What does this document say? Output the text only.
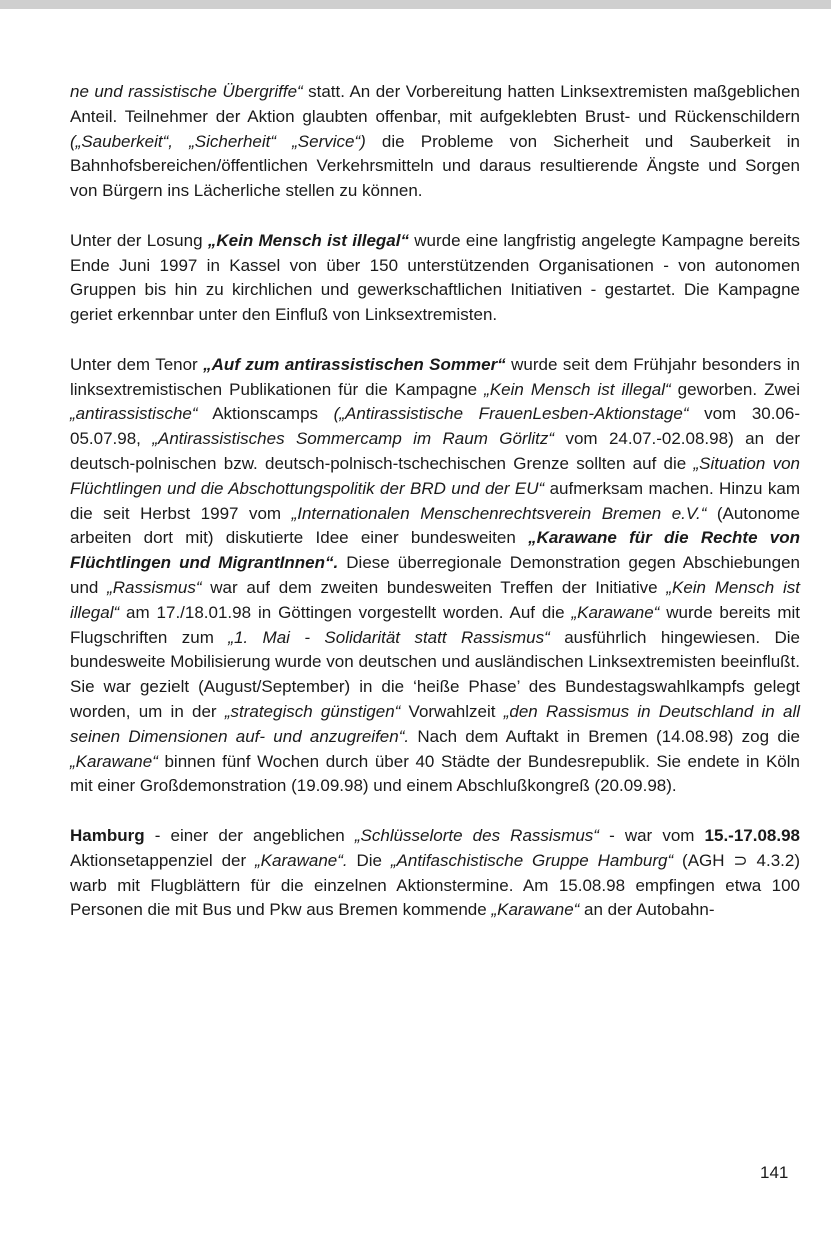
ne und rassistische Übergriffe“ statt. An der Vorbereitung hatten Linksextremisten maßgeblichen Anteil. Teilnehmer der Aktion glaubten offenbar, mit aufgeklebten Brust- und Rückenschildern („Sauberkeit“, „Sicherheit“ „Service“) die Probleme von Sicherheit und Sauberkeit in Bahnhofsbereichen/öffentlichen Verkehrsmitteln und daraus resultierende Ängste und Sorgen von Bürgern ins Lächerliche stellen zu können.

Unter der Losung „Kein Mensch ist illegal“ wurde eine langfristig angelegte Kampagne bereits Ende Juni 1997 in Kassel von über 150 unterstützenden Organisationen - von autonomen Gruppen bis hin zu kirchlichen und gewerkschaftlichen Initiativen - gestartet. Die Kampagne geriet erkennbar unter den Einfluß von Linksextremisten.

Unter dem Tenor „Auf zum antirassistischen Sommer“ wurde seit dem Frühjahr besonders in linksextremistischen Publikationen für die Kampagne „Kein Mensch ist illegal“ geworben. Zwei „antirassistische“ Aktionscamps („Antirassistische FrauenLesben-Aktionstage“ vom 30.06-05.07.98, „Antirassistisches Sommercamp im Raum Görlitz“ vom 24.07.-02.08.98) an der deutsch-polnischen bzw. deutsch-polnisch-tschechischen Grenze sollten auf die „Situation von Flüchtlingen und die Abschottungspolitik der BRD und der EU“ aufmerksam machen. Hinzu kam die seit Herbst 1997 vom „Internationalen Menschenrechtsverein Bremen e.V.“ (Autonome arbeiten dort mit) diskutierte Idee einer bundesweiten „Karawane für die Rechte von Flüchtlingen und MigrantInnen“. Diese überregionale Demonstration gegen Abschiebungen und „Rassismus“ war auf dem zweiten bundesweiten Treffen der Initiative „Kein Mensch ist illegal“ am 17./18.01.98 in Göttingen vorgestellt worden. Auf die „Karawane“ wurde bereits mit Flugschriften zum „1. Mai - Solidarität statt Rassismus“ ausführlich hingewiesen. Die bundesweite Mobilisierung wurde von deutschen und ausländischen Linksextremisten beeinflußt. Sie war gezielt (August/September) in die ‘heiße Phase’ des Bundestagswahlkampfs gelegt worden, um in der „strategisch günstigen“ Vorwahlzeit „den Rassismus in Deutschland in all seinen Dimensionen auf- und anzugreifen“. Nach dem Auftakt in Bremen (14.08.98) zog die „Karawane“ binnen fünf Wochen durch über 40 Städte der Bundesrepublik. Sie endete in Köln mit einer Großdemonstration (19.09.98) und einem Abschlußkongreß (20.09.98).

Hamburg - einer der angeblichen „Schlüsselorte des Rassismus“ - war vom 15.-17.08.98 Aktionsetappenziel der „Karawane“. Die „Antifaschistische Gruppe Hamburg“ (AGH ⊃ 4.3.2) warb mit Flugblättern für die einzelnen Aktionstermine. Am 15.08.98 empfingen etwa 100 Personen die mit Bus und Pkw aus Bremen kommende „Karawane“ an der Autobahn-

141
